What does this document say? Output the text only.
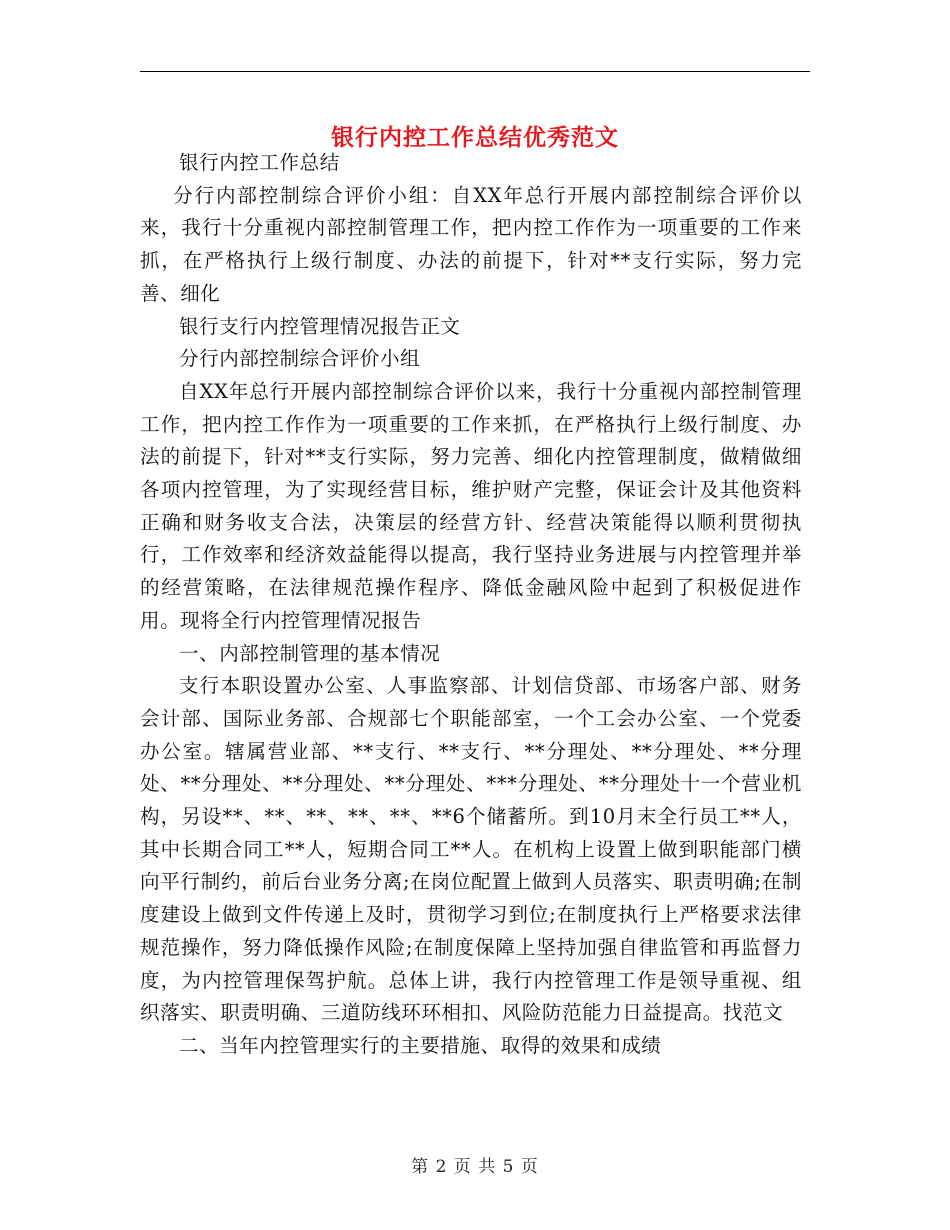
银行内控工作总结优秀范文

银行内控工作总结

分行内部控制综合评价小组：自XX年总行开展内部控制综合评价以来，我行十分重视内部控制管理工作，把内控工作作为一项重要的工作来抓，在严格执行上级行制度、办法的前提下，针对**支行实际，努力完善、细化

银行支行内控管理情况报告正文

分行内部控制综合评价小组

自XX年总行开展内部控制综合评价以来，我行十分重视内部控制管理工作，把内控工作作为一项重要的工作来抓，在严格执行上级行制度、办法的前提下，针对**支行实际，努力完善、细化内控管理制度，做精做细各项内控管理，为了实现经营目标，维护财产完整，保证会计及其他资料正确和财务收支合法，决策层的经营方针、经营决策能得以顺利贯彻执行，工作效率和经济效益能得以提高，我行坚持业务进展与内控管理并举的经营策略，在法律规范操作程序、降低金融风险中起到了积极促进作用。现将全行内控管理情况报告

一、内部控制管理的基本情况

支行本职设置办公室、人事监察部、计划信贷部、市场客户部、财务会计部、国际业务部、合规部七个职能部室，一个工会办公室、一个党委办公室。辖属营业部、**支行、**支行、**分理处、**分理处、**分理处、**分理处、**分理处、**分理处、***分理处、**分理处十一个营业机构，另设**、**、**、**、**、**6个储蓄所。到10月末全行员工**人，其中长期合同工**人，短期合同工**人。在机构上设置上做到职能部门横向平行制约，前后台业务分离;在岗位配置上做到人员落实、职责明确;在制度建设上做到文件传递上及时，贯彻学习到位;在制度执行上严格要求法律规范操作，努力降低操作风险;在制度保障上坚持加强自律监管和再监督力度，为内控管理保驾护航。总体上讲，我行内控管理工作是领导重视、组织落实、职责明确、三道防线环环相扣、风险防范能力日益提高。找范文

二、当年内控管理实行的主要措施、取得的效果和成绩

第 2 页 共 5 页
